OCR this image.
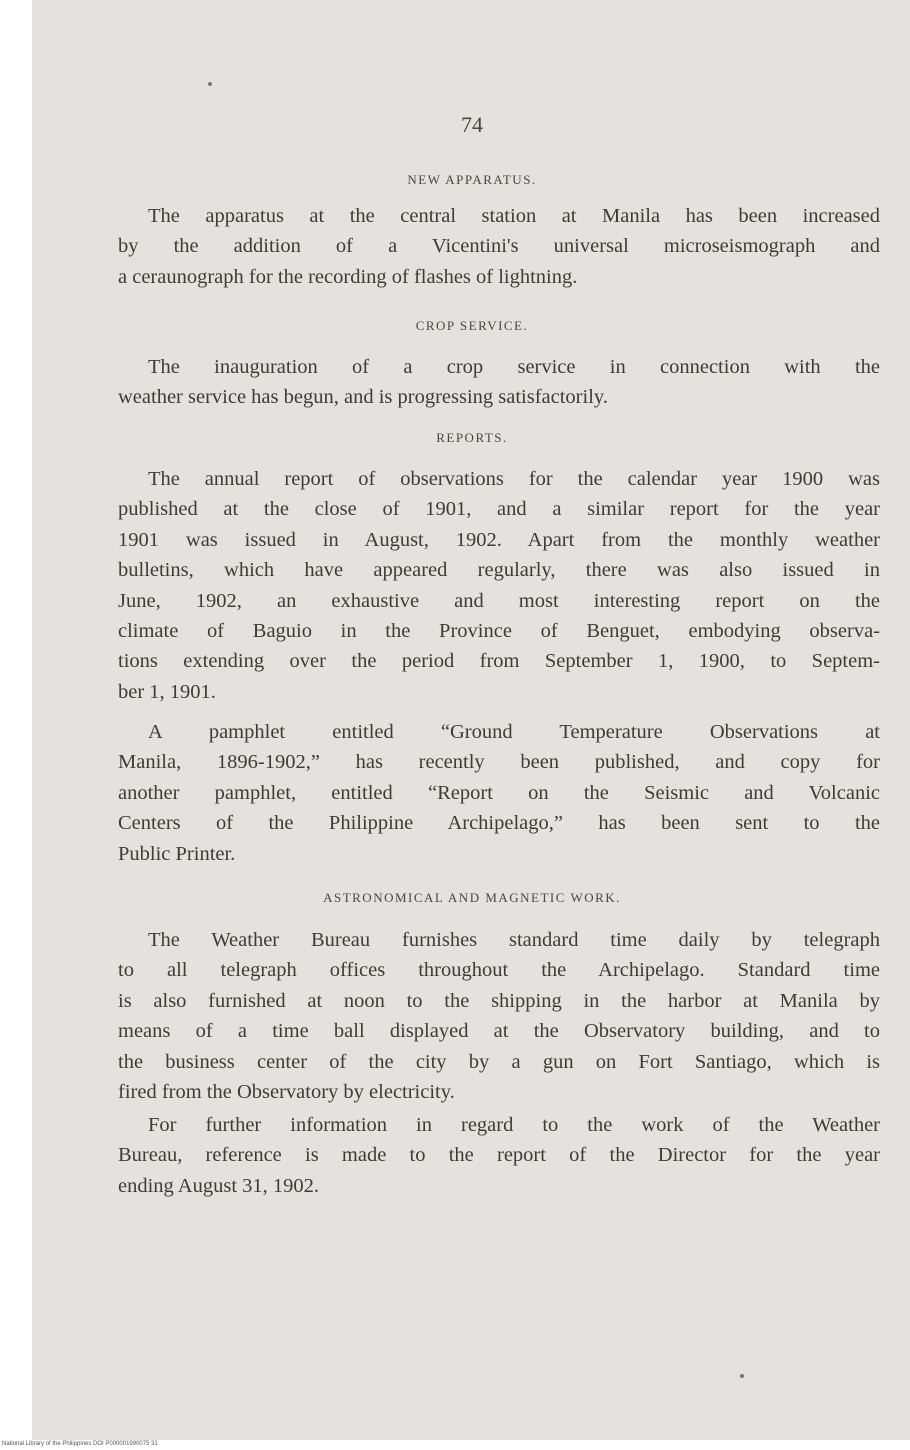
74
NEW APPARATUS.
The apparatus at the central station at Manila has been increased
by the addition of a Vicentini's universal microseismograph and
a ceraunograph for the recording of flashes of lightning.
CROP SERVICE.
The inauguration of a crop service in connection with the
weather service has begun, and is progressing satisfactorily.
REPORTS.
The annual report of observations for the calendar year 1900 was
published at the close of 1901, and a similar report for the year
1901 was issued in August, 1902. Apart from the monthly weather
bulletins, which have appeared regularly, there was also issued in
June, 1902, an exhaustive and most interesting report on the
climate of Baguio in the Province of Benguet, embodying observa-
tions extending over the period from September 1, 1900, to Septem-
ber 1, 1901.
A pamphlet entitled “Ground Temperature Observations at
Manila, 1896-1902,” has recently been published, and copy for
another pamphlet, entitled “Report on the Seismic and Volcanic
Centers of the Philippine Archipelago,” has been sent to the
Public Printer.
ASTRONOMICAL AND MAGNETIC WORK.
The Weather Bureau furnishes standard time daily by telegraph
to all telegraph offices throughout the Archipelago. Standard time
is also furnished at noon to the shipping in the harbor at Manila by
means of a time ball displayed at the Observatory building, and to
the business center of the city by a gun on Fort Santiago, which is
fired from the Observatory by electricity.
For further information in regard to the work of the Weather
Bureau, reference is made to the report of the Director for the year
ending August 31, 1902.
National Library of the Philippines DOI P000001990075 31
